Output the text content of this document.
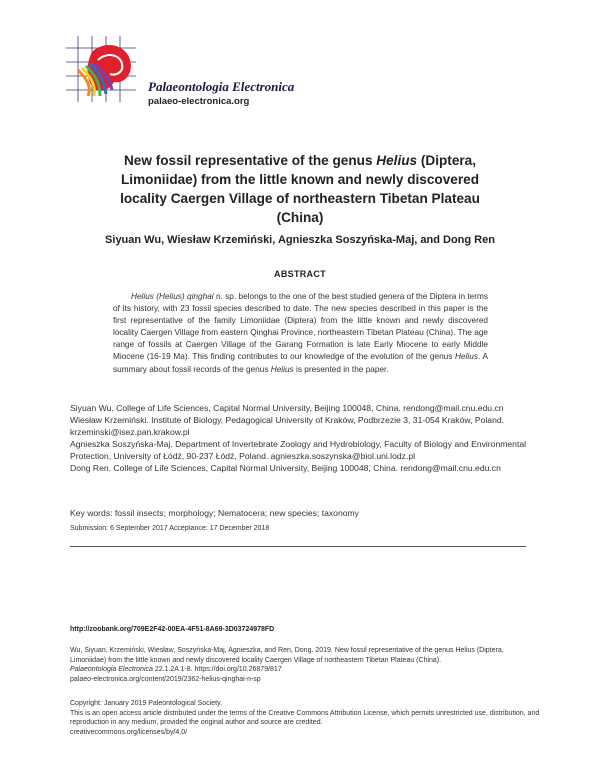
Palaeontologia Electronica
palaeo-electronica.org
New fossil representative of the genus Helius (Diptera, Limoniidae) from the little known and newly discovered locality Caergen Village of northeastern Tibetan Plateau (China)
Siyuan Wu, Wiesław Krzemiński, Agnieszka Soszyńska-Maj, and Dong Ren
ABSTRACT
Helius (Helius) qinghai n. sp. belongs to the one of the best studied genera of the Diptera in terms of its history, with 23 fossil species described to date. The new species described in this paper is the first representative of the family Limoniidae (Diptera) from the little known and newly discovered locality Caergen Village from eastern Qinghai Province, northeastern Tibetan Plateau (China). The age range of fossils at Caergen Village of the Garang Formation is late Early Miocene to early Middle Miocene (16-19 Ma). This finding contributes to our knowledge of the evolution of the genus Helius. A summary about fossil records of the genus Helius is presented in the paper.

Siyuan Wu. College of Life Sciences, Capital Normal University, Beijing 100048, China. rendong@mail.cnu.edu.cn

Wiesław Krzemiński. Institute of Biology, Pedagogical University of Kraków, Podbrzezie 3, 31-054 Kraków, Poland. krzeminski@isez.pan.krakow.pl

Agnieszka Soszyńska-Maj. Department of Invertebrate Zoology and Hydrobiology, Faculty of Biology and Environmental Protection, University of Łódź, 90-237 Łódź, Poland. agnieszka.soszynska@biol.uni.lodz.pl

Dong Ren. College of Life Sciences, Capital Normal University, Beijing 100048, China. rendong@mail.cnu.edu.cn

Key words: fossil insects; morphology; Nematocera; new species; taxonomy
Submission: 6 September 2017 Acceptance: 17 December 2018
http://zoobank.org/709E2F42-00EA-4F51-8A69-3D03724978FD

Wu, Siyuan, Krzemiński, Wiesław, Soszyńska-Maj, Agnieszka, and Ren, Dong. 2019. New fossil representative of the genus Helius (Diptera, Limoniidae) from the little known and newly discovered locality Caergen Village of northeastern Tibetan Plateau (China).

Palaeontologia Electronica 22.1.2A 1-8. https://doi.org/10.26879/817

palaeo-electronica.org/content/2019/2362-helius-qinghai-n-sp

Copyright: January 2019 Paleontological Society.

This is an open access article distributed under the terms of the Creative Commons Attribution License, which permits unrestricted use, distribution, and reproduction in any medium, provided the original author and source are credited.

creativecommons.org/licenses/by/4.0/
